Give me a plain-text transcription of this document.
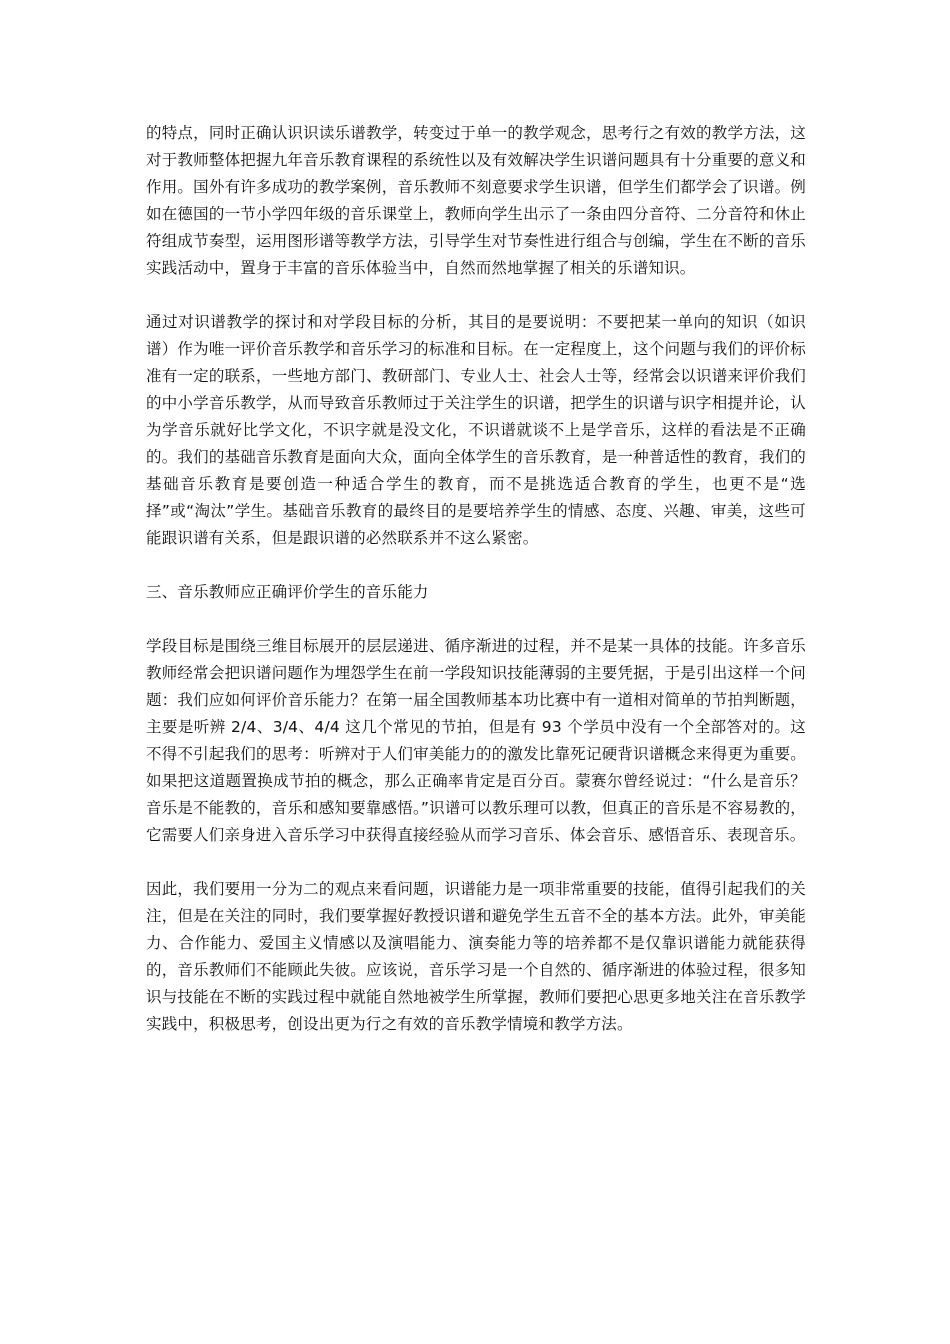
的特点，同时正确认识识读乐谱教学，转变过于单一的教学观念，思考行之有效的教学方法，这对于教师整体把握九年音乐教育课程的系统性以及有效解决学生识谱问题具有十分重要的意义和作用。国外有许多成功的教学案例，音乐教师不刻意要求学生识谱，但学生们都学会了识谱。例如在德国的一节小学四年级的音乐课堂上，教师向学生出示了一条由四分音符、二分音符和休止符组成节奏型，运用图形谱等教学方法，引导学生对节奏性进行组合与创编，学生在不断的音乐实践活动中，置身于丰富的音乐体验当中，自然而然地掌握了相关的乐谱知识。

通过对识谱教学的探讨和对学段目标的分析，其目的是要说明：不要把某一单向的知识（如识谱）作为唯一评价音乐教学和音乐学习的标准和目标。在一定程度上，这个问题与我们的评价标准有一定的联系，一些地方部门、教研部门、专业人士、社会人士等，经常会以识谱来评价我们的中小学音乐教学，从而导致音乐教师过于关注学生的识谱，把学生的识谱与识字相提并论，认为学音乐就好比学文化，不识字就是没文化，不识谱就谈不上是学音乐，这样的看法是不正确的。我们的基础音乐教育是面向大众，面向全体学生的音乐教育，是一种普适性的教育，我们的基础音乐教育是要创造一种适合学生的教育，而不是挑选适合教育的学生，也更不是“选择”或“淘汰”学生。基础音乐教育的最终目的是要培养学生的情感、态度、兴趣、审美，这些可能跟识谱有关系，但是跟识谱的必然联系并不这么紧密。

三、音乐教师应正确评价学生的音乐能力

学段目标是围绕三维目标展开的层层递进、循序渐进的过程，并不是某一具体的技能。许多音乐教师经常会把识谱问题作为埋怨学生在前一学段知识技能薄弱的主要凭据，于是引出这样一个问题：我们应如何评价音乐能力？在第一届全国教师基本功比赛中有一道相对简单的节拍判断题，主要是听辨 2/4、3/4、4/4 这几个常见的节拍，但是有 93 个学员中没有一个全部答对的。这不得不引起我们的思考：听辨对于人们审美能力的的激发比靠死记硬背识谱概念来得更为重要。如果把这道题置换成节拍的概念，那么正确率肯定是百分百。蒙赛尔曾经说过：“什么是音乐？音乐是不能教的，音乐和感知要靠感悟。”识谱可以教乐理可以教，但真正的音乐是不容易教的，它需要人们亲身进入音乐学习中获得直接经验从而学习音乐、体会音乐、感悟音乐、表现音乐。

因此，我们要用一分为二的观点来看问题，识谱能力是一项非常重要的技能，值得引起我们的关注，但是在关注的同时，我们要掌握好教授识谱和避免学生五音不全的基本方法。此外，审美能力、合作能力、爱国主义情感以及演唱能力、演奏能力等的培养都不是仅靠识谱能力就能获得的，音乐教师们不能顾此失彼。应该说，音乐学习是一个自然的、循序渐进的体验过程，很多知识与技能在不断的实践过程中就能自然地被学生所掌握，教师们要把心思更多地关注在音乐教学实践中，积极思考，创设出更为行之有效的音乐教学情境和教学方法。
